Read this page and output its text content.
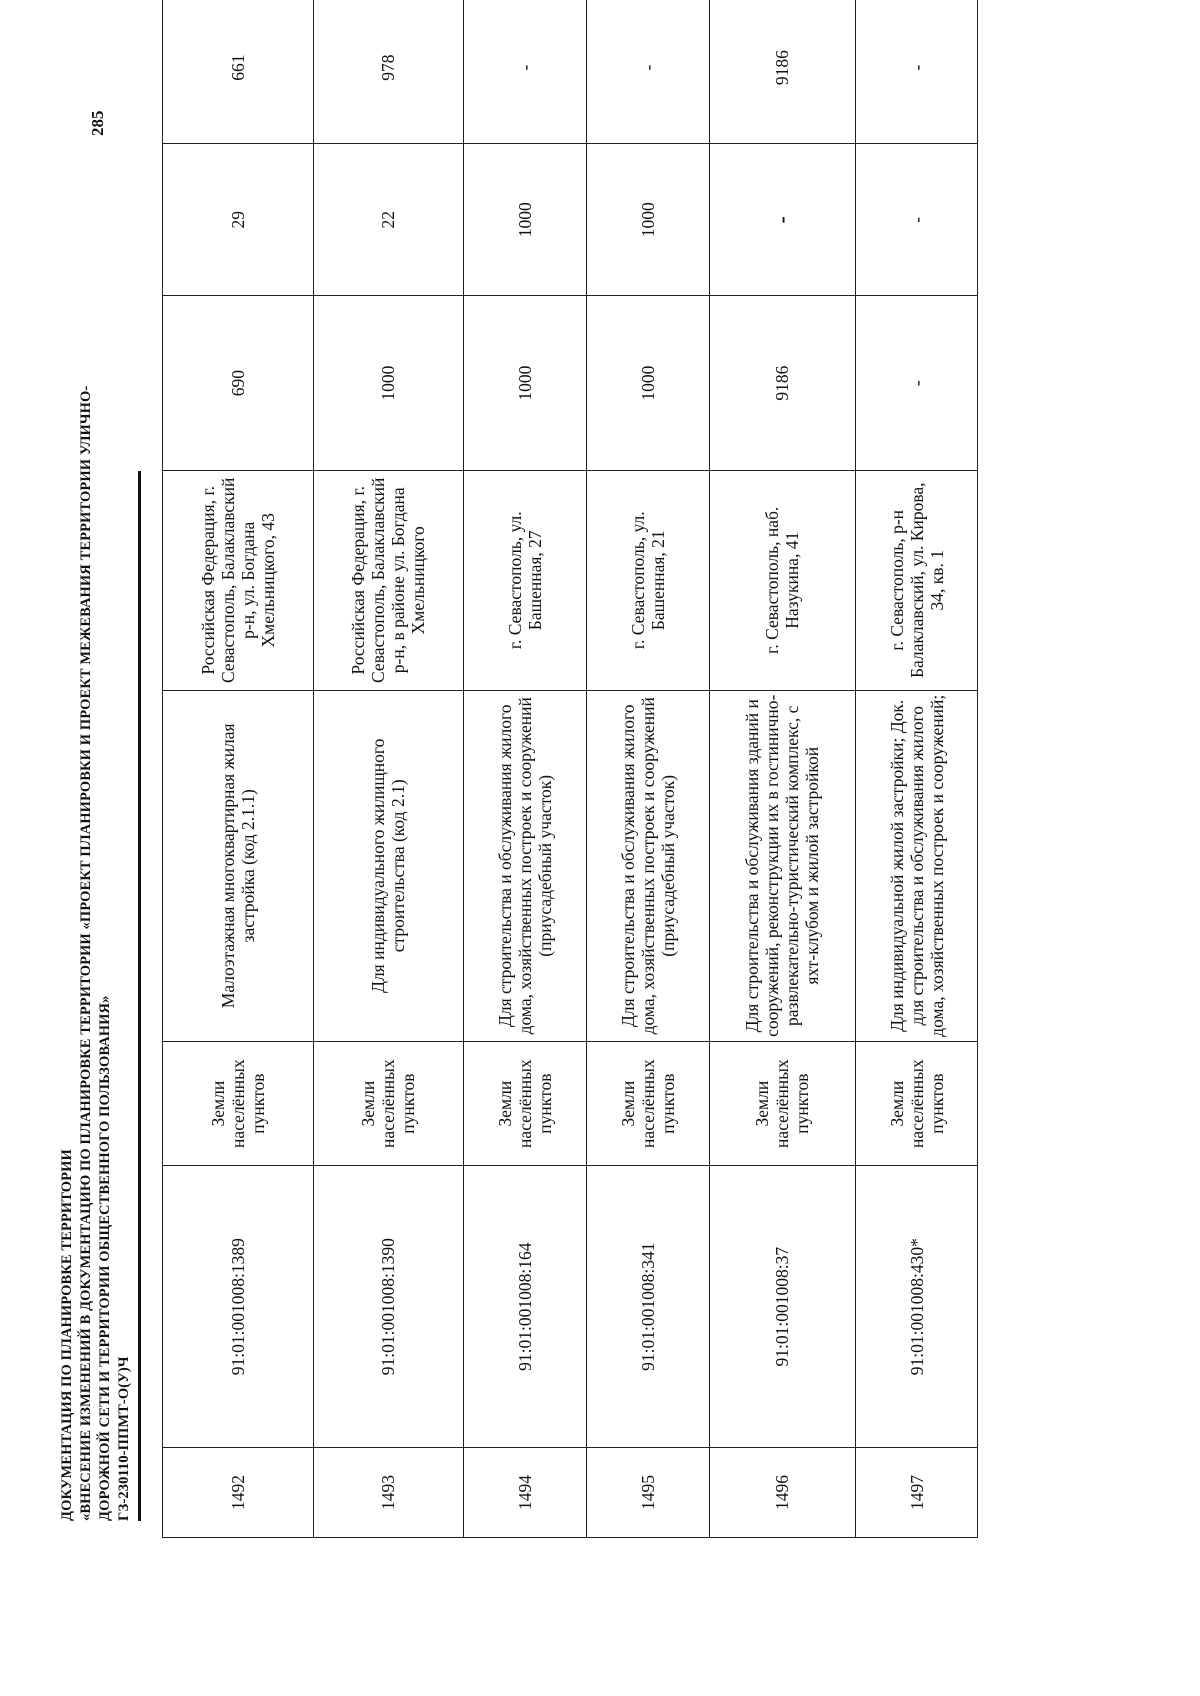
ДОКУМЕНТАЦИЯ ПО ПЛАНИРОВКЕ ТЕРРИТОРИИ «ВНЕСЕНИЕ ИЗМЕНЕНИЙ В ДОКУМЕНТАЦИЮ ПО ПЛАНИРОВКЕ ТЕРРИТОРИИ «ПРОЕКТ ПЛАНИРОВКИ И ПРОЕКТ МЕЖЕВАНИЯ ТЕРРИТОРИИ УЛИЧНО- ДОРОЖНОЙ СЕТИ И ТЕРРИТОРИИ ОБЩЕСТВЕННОГО ПОЛЬЗОВАНИЯ» ГЗ-230110-ППМТ-О(У)Ч
285
1492	91:01:001008:1389	Земли населённых пунктов	Малоэтажная многоквартирная жилая застройка (код 2.1.1)	Российская Федерация, г. Севастополь, Балаклавский р-н, ул. Богдана Хмельницкого, 43	690	29	661
1493	91:01:001008:1390	Земли населённых пунктов	Для индивидуального жилищного строительства (код 2.1)	Российская Федерация, г. Севастополь, Балаклавский р-н, в районе ул. Богдана Хмельницкого	1000	22	978
1494	91:01:001008:164	Земли населённых пунктов	Для строительства и обслуживания жилого дома, хозяйственных построек и сооружений (приусадебный участок)	г. Севастополь, ул. Башенная, 27	1000	1000	-
1495	91:01:001008:341	Земли населённых пунктов	Для строительства и обслуживания жилого дома, хозяйственных построек и сооружений (приусадебный участок)	г. Севастополь, ул. Башенная, 21	1000	1000	-
1496	91:01:001008:37	Земли населённых пунктов	Для строительства и обслуживания зданий и сооружений, реконструкции их в гостинично-развлекательно-туристический комплекс, с яхт-клубом и жилой застройкой	г. Севастополь, наб. Назукина, 41	9186	-	9186
1497	91:01:001008:430*	Земли населённых пунктов	Для индивидуальной жилой застройки; Док. для строительства и обслуживания жилого дома, хозяйственных построек и сооружений;	г. Севастополь, р-н Балаклавский, ул. Кирова, 34, кв. 1	-	-	-
